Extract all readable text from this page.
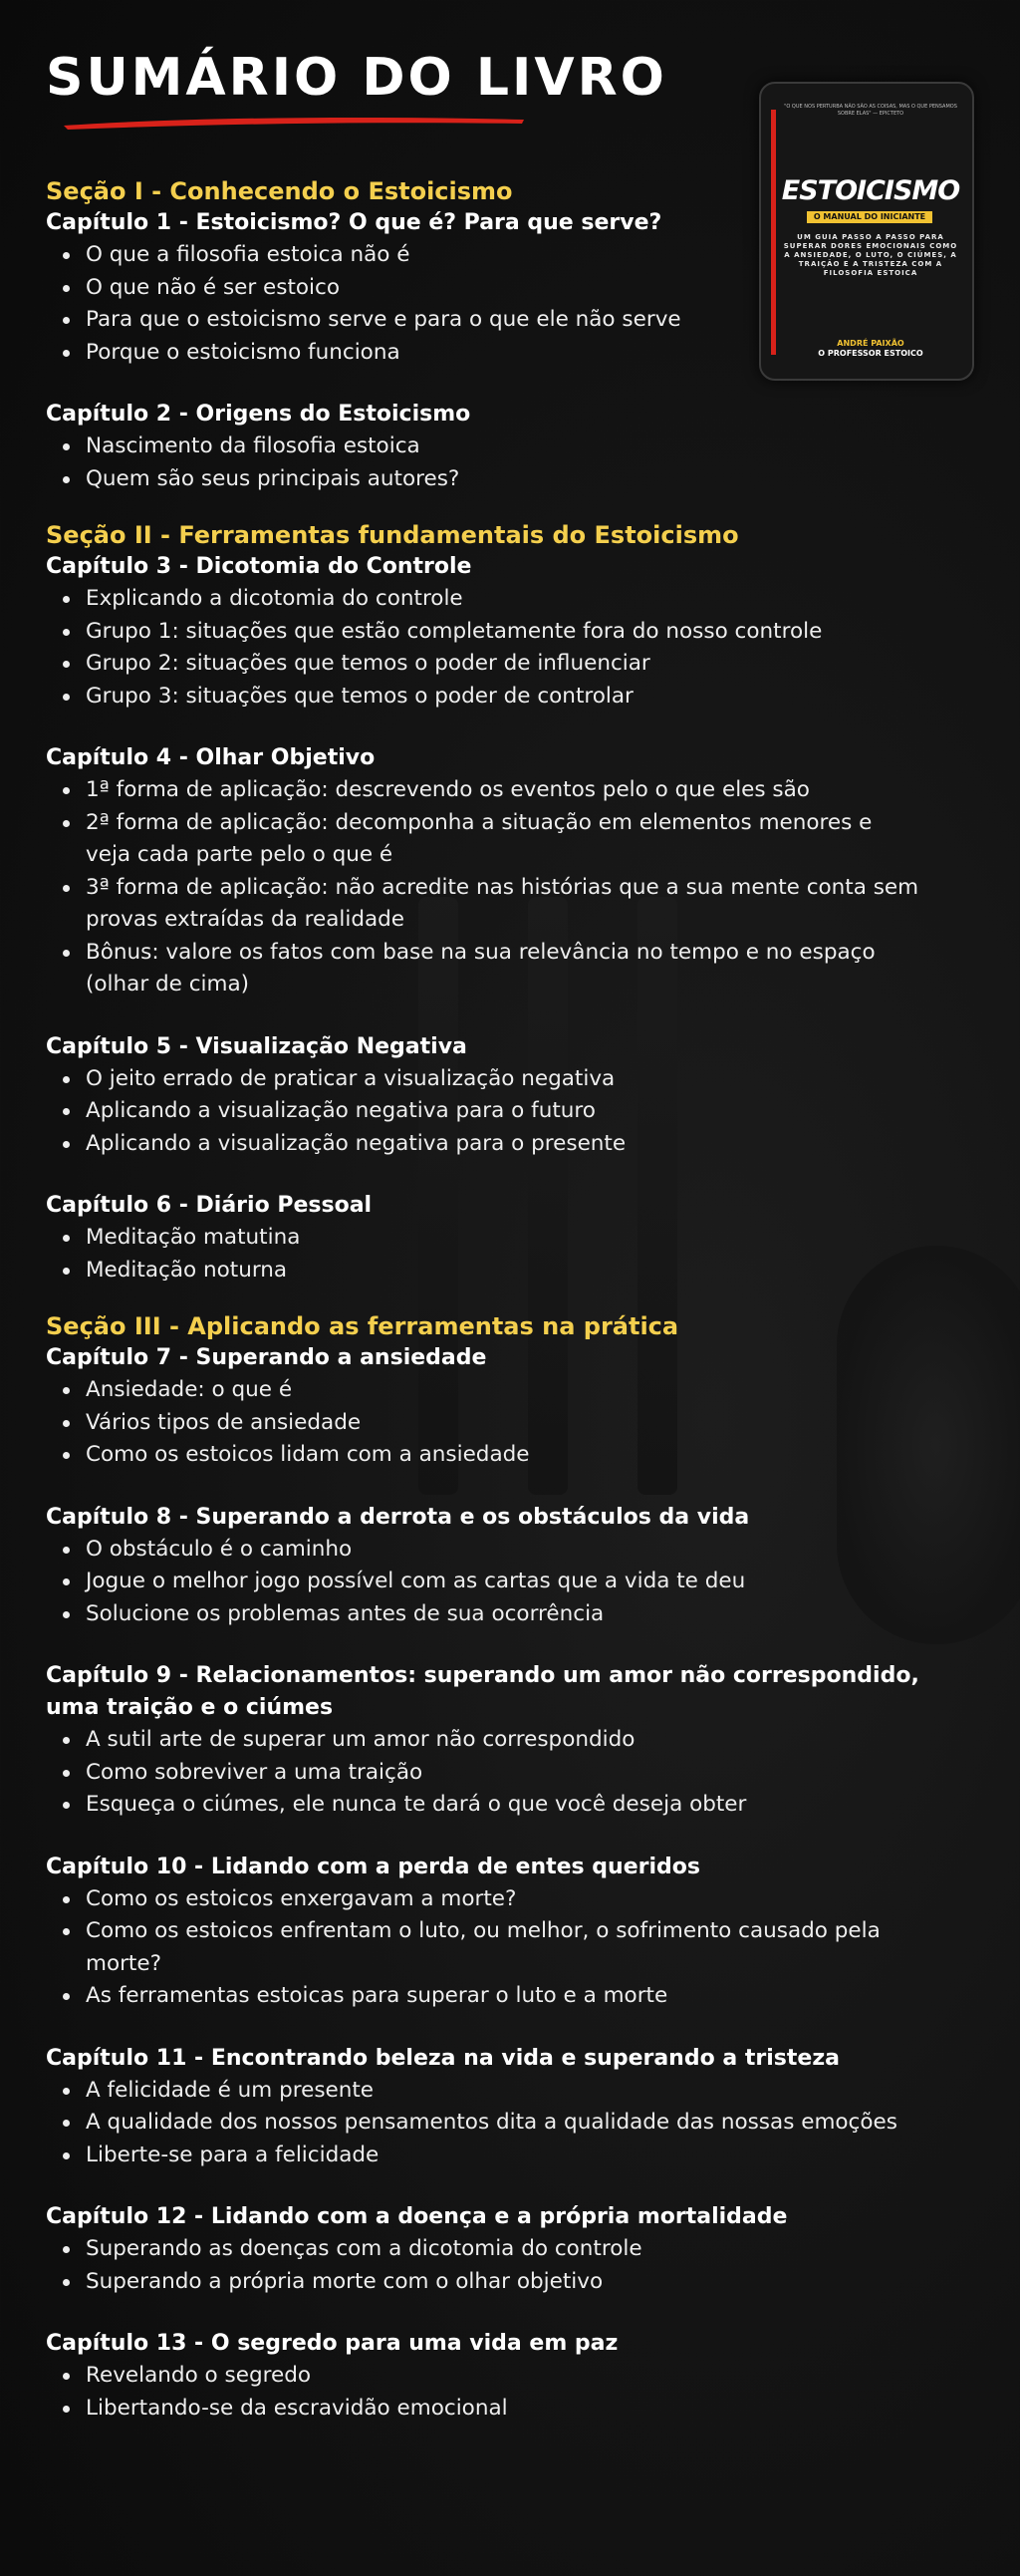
SUMÁRIO DO LIVRO	"O QUE NOS PERTURBA NÃO SÃO AS COISAS, MAS O QUE PENSAMOS SOBRE ELAS" — EPICTETO
ESTOICISMO
O MANUAL DO INICIANTE
UM GUIA PASSO A PASSO PARA SUPERAR DORES EMOCIONAIS COMO A ANSIEDADE, O LUTO, O CIÚMES, A TRAIÇÃO E A TRISTEZA COM A FILOSOFIA ESTOICA
ANDRÉ PAIXÃO
O PROFESSOR ESTOICO
Seção I - Conhecendo o Estoicismo
Capítulo 1 - Estoicismo? O que é? Para que serve?
O que a filosofia estoica não é
O que não é ser estoico
Para que o estoicismo serve e para o que ele não serve
Porque o estoicismo funciona
Capítulo 2 - Origens do Estoicismo
Nascimento da filosofia estoica
Quem são seus principais autores?
Seção II - Ferramentas fundamentais do Estoicismo
Capítulo 3 - Dicotomia do Controle
Explicando a dicotomia do controle
Grupo 1: situações que estão completamente fora do nosso controle
Grupo 2: situações que temos o poder de influenciar
Grupo 3: situações que temos o poder de controlar
Capítulo 4 - Olhar Objetivo
1ª forma de aplicação: descrevendo os eventos pelo o que eles são
2ª forma de aplicação: decomponha a situação em elementos menores e veja cada parte pelo o que é
3ª forma de aplicação: não acredite nas histórias que a sua mente conta sem provas extraídas da realidade
Bônus: valore os fatos com base na sua relevância no tempo e no espaço (olhar de cima)
Capítulo 5 - Visualização Negativa
O jeito errado de praticar a visualização negativa
Aplicando a visualização negativa para o futuro
Aplicando a visualização negativa para o presente
Capítulo 6 - Diário Pessoal
Meditação matutina
Meditação noturna
Seção III - Aplicando as ferramentas na prática
Capítulo 7 - Superando a ansiedade
Ansiedade: o que é
Vários tipos de ansiedade
Como os estoicos lidam com a ansiedade
Capítulo 8 - Superando a derrota e os obstáculos da vida
O obstáculo é o caminho
Jogue o melhor jogo possível com as cartas que a vida te deu
Solucione os problemas antes de sua ocorrência
Capítulo 9 - Relacionamentos: superando um amor não correspondido, uma traição e o ciúmes
A sutil arte de superar um amor não correspondido
Como sobreviver a uma traição
Esqueça o ciúmes, ele nunca te dará o que você deseja obter
Capítulo 10 - Lidando com a perda de entes queridos
Como os estoicos enxergavam a morte?
Como os estoicos enfrentam o luto, ou melhor, o sofrimento causado pela morte?
As ferramentas estoicas para superar o luto e a morte
Capítulo 11 - Encontrando beleza na vida e superando a tristeza
A felicidade é um presente
A qualidade dos nossos pensamentos dita a qualidade das nossas emoções
Liberte-se para a felicidade
Capítulo 12 - Lidando com a doença e a própria mortalidade
Superando as doenças com a dicotomia do controle
Superando a própria morte com o olhar objetivo
Capítulo 13 - O segredo para uma vida em paz
Revelando o segredo
Libertando-se da escravidão emocional
